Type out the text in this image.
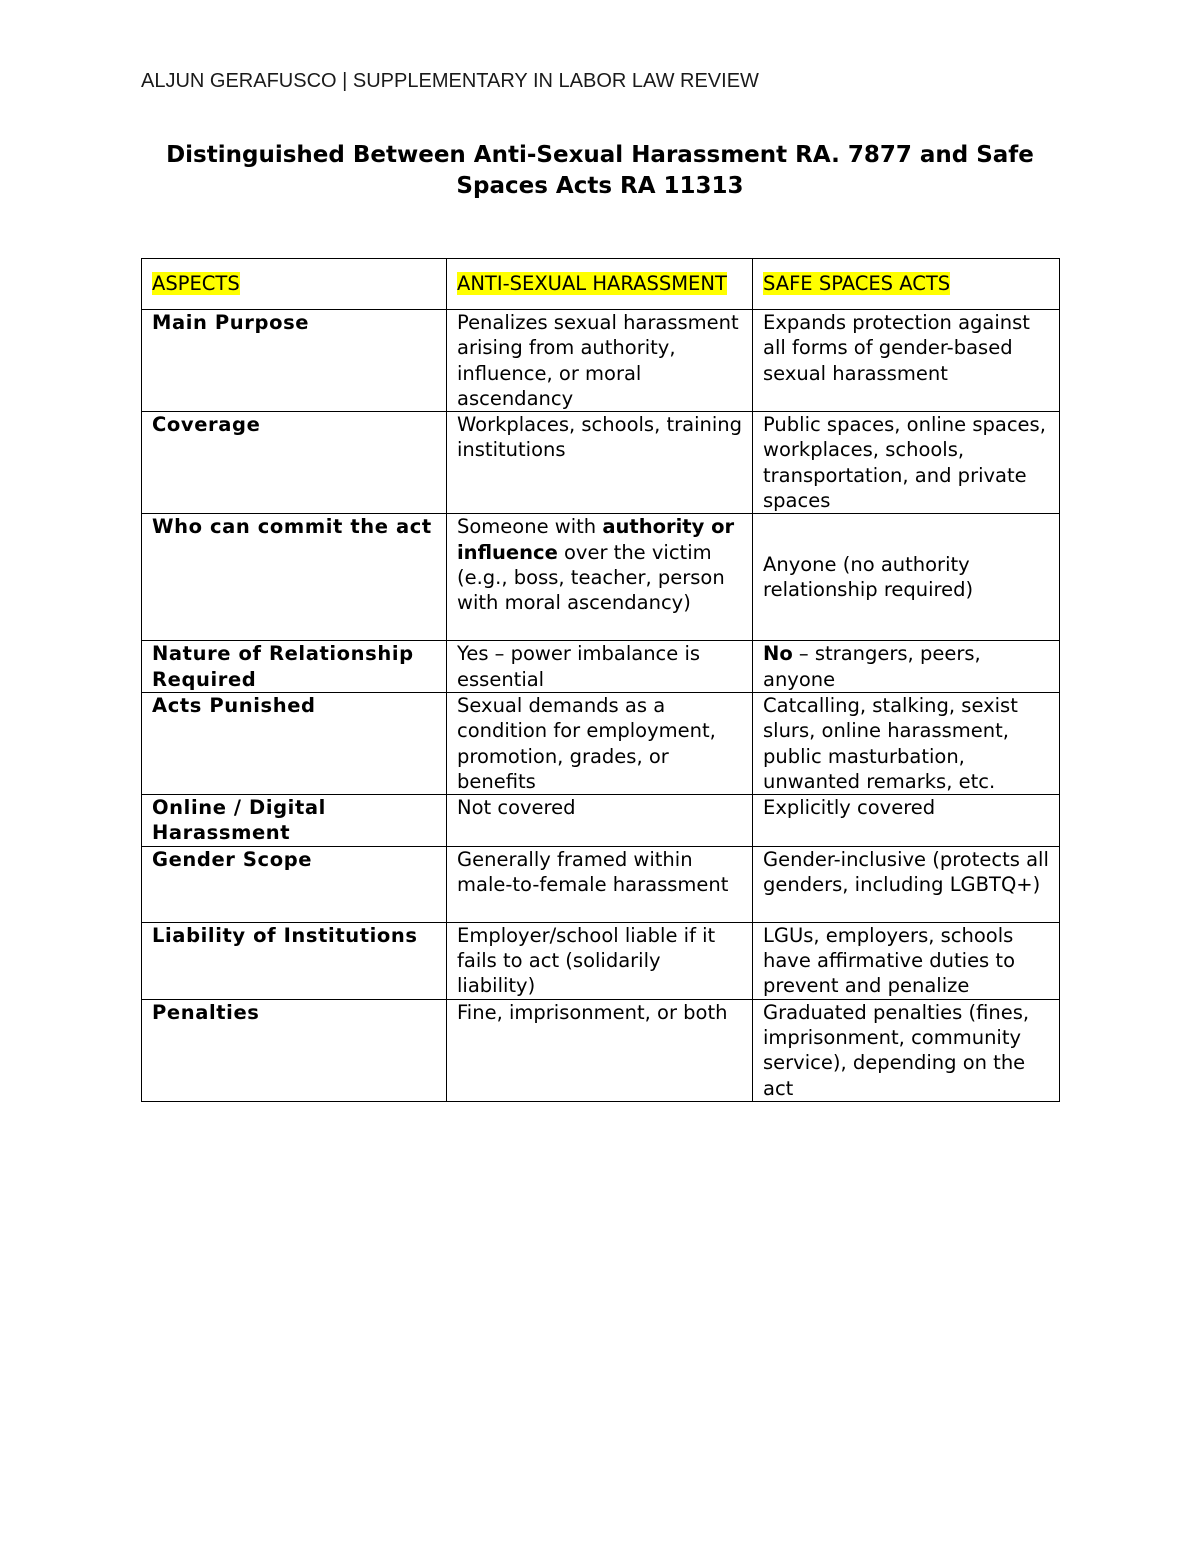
ALJUN GERAFUSCO | SUPPLEMENTARY IN LABOR LAW REVIEW
Distinguished Between Anti-Sexual Harassment RA. 7877 and Safe
Spaces Acts RA 11313
ASPECTS	ANTI-SEXUAL HARASSMENT	SAFE SPACES ACTS
Main Purpose	Penalizes sexual harassment arising from authority, influence, or moral ascendancy	Expands protection against all forms of gender-based sexual harassment
Coverage	Workplaces, schools, training institutions	Public spaces, online spaces, workplaces, schools, transportation, and private spaces
Who can commit the act	Someone with authority or influence over the victim (e.g., boss, teacher, person with moral ascendancy)	Anyone (no authority relationship required)
Nature of Relationship Required	Yes – power imbalance is essential	No – strangers, peers, anyone
Acts Punished	Sexual demands as a condition for employment, promotion, grades, or benefits	Catcalling, stalking, sexist slurs, online harassment, public masturbation, unwanted remarks, etc.
Online / Digital Harassment	Not covered	Explicitly covered
Gender Scope	Generally framed within male-to-female harassment	Gender-inclusive (protects all genders, including LGBTQ+)
Liability of Institutions	Employer/school liable if it fails to act (solidarily liability)	LGUs, employers, schools have affirmative duties to prevent and penalize
Penalties	Fine, imprisonment, or both	Graduated penalties (fines, imprisonment, community service), depending on the act
